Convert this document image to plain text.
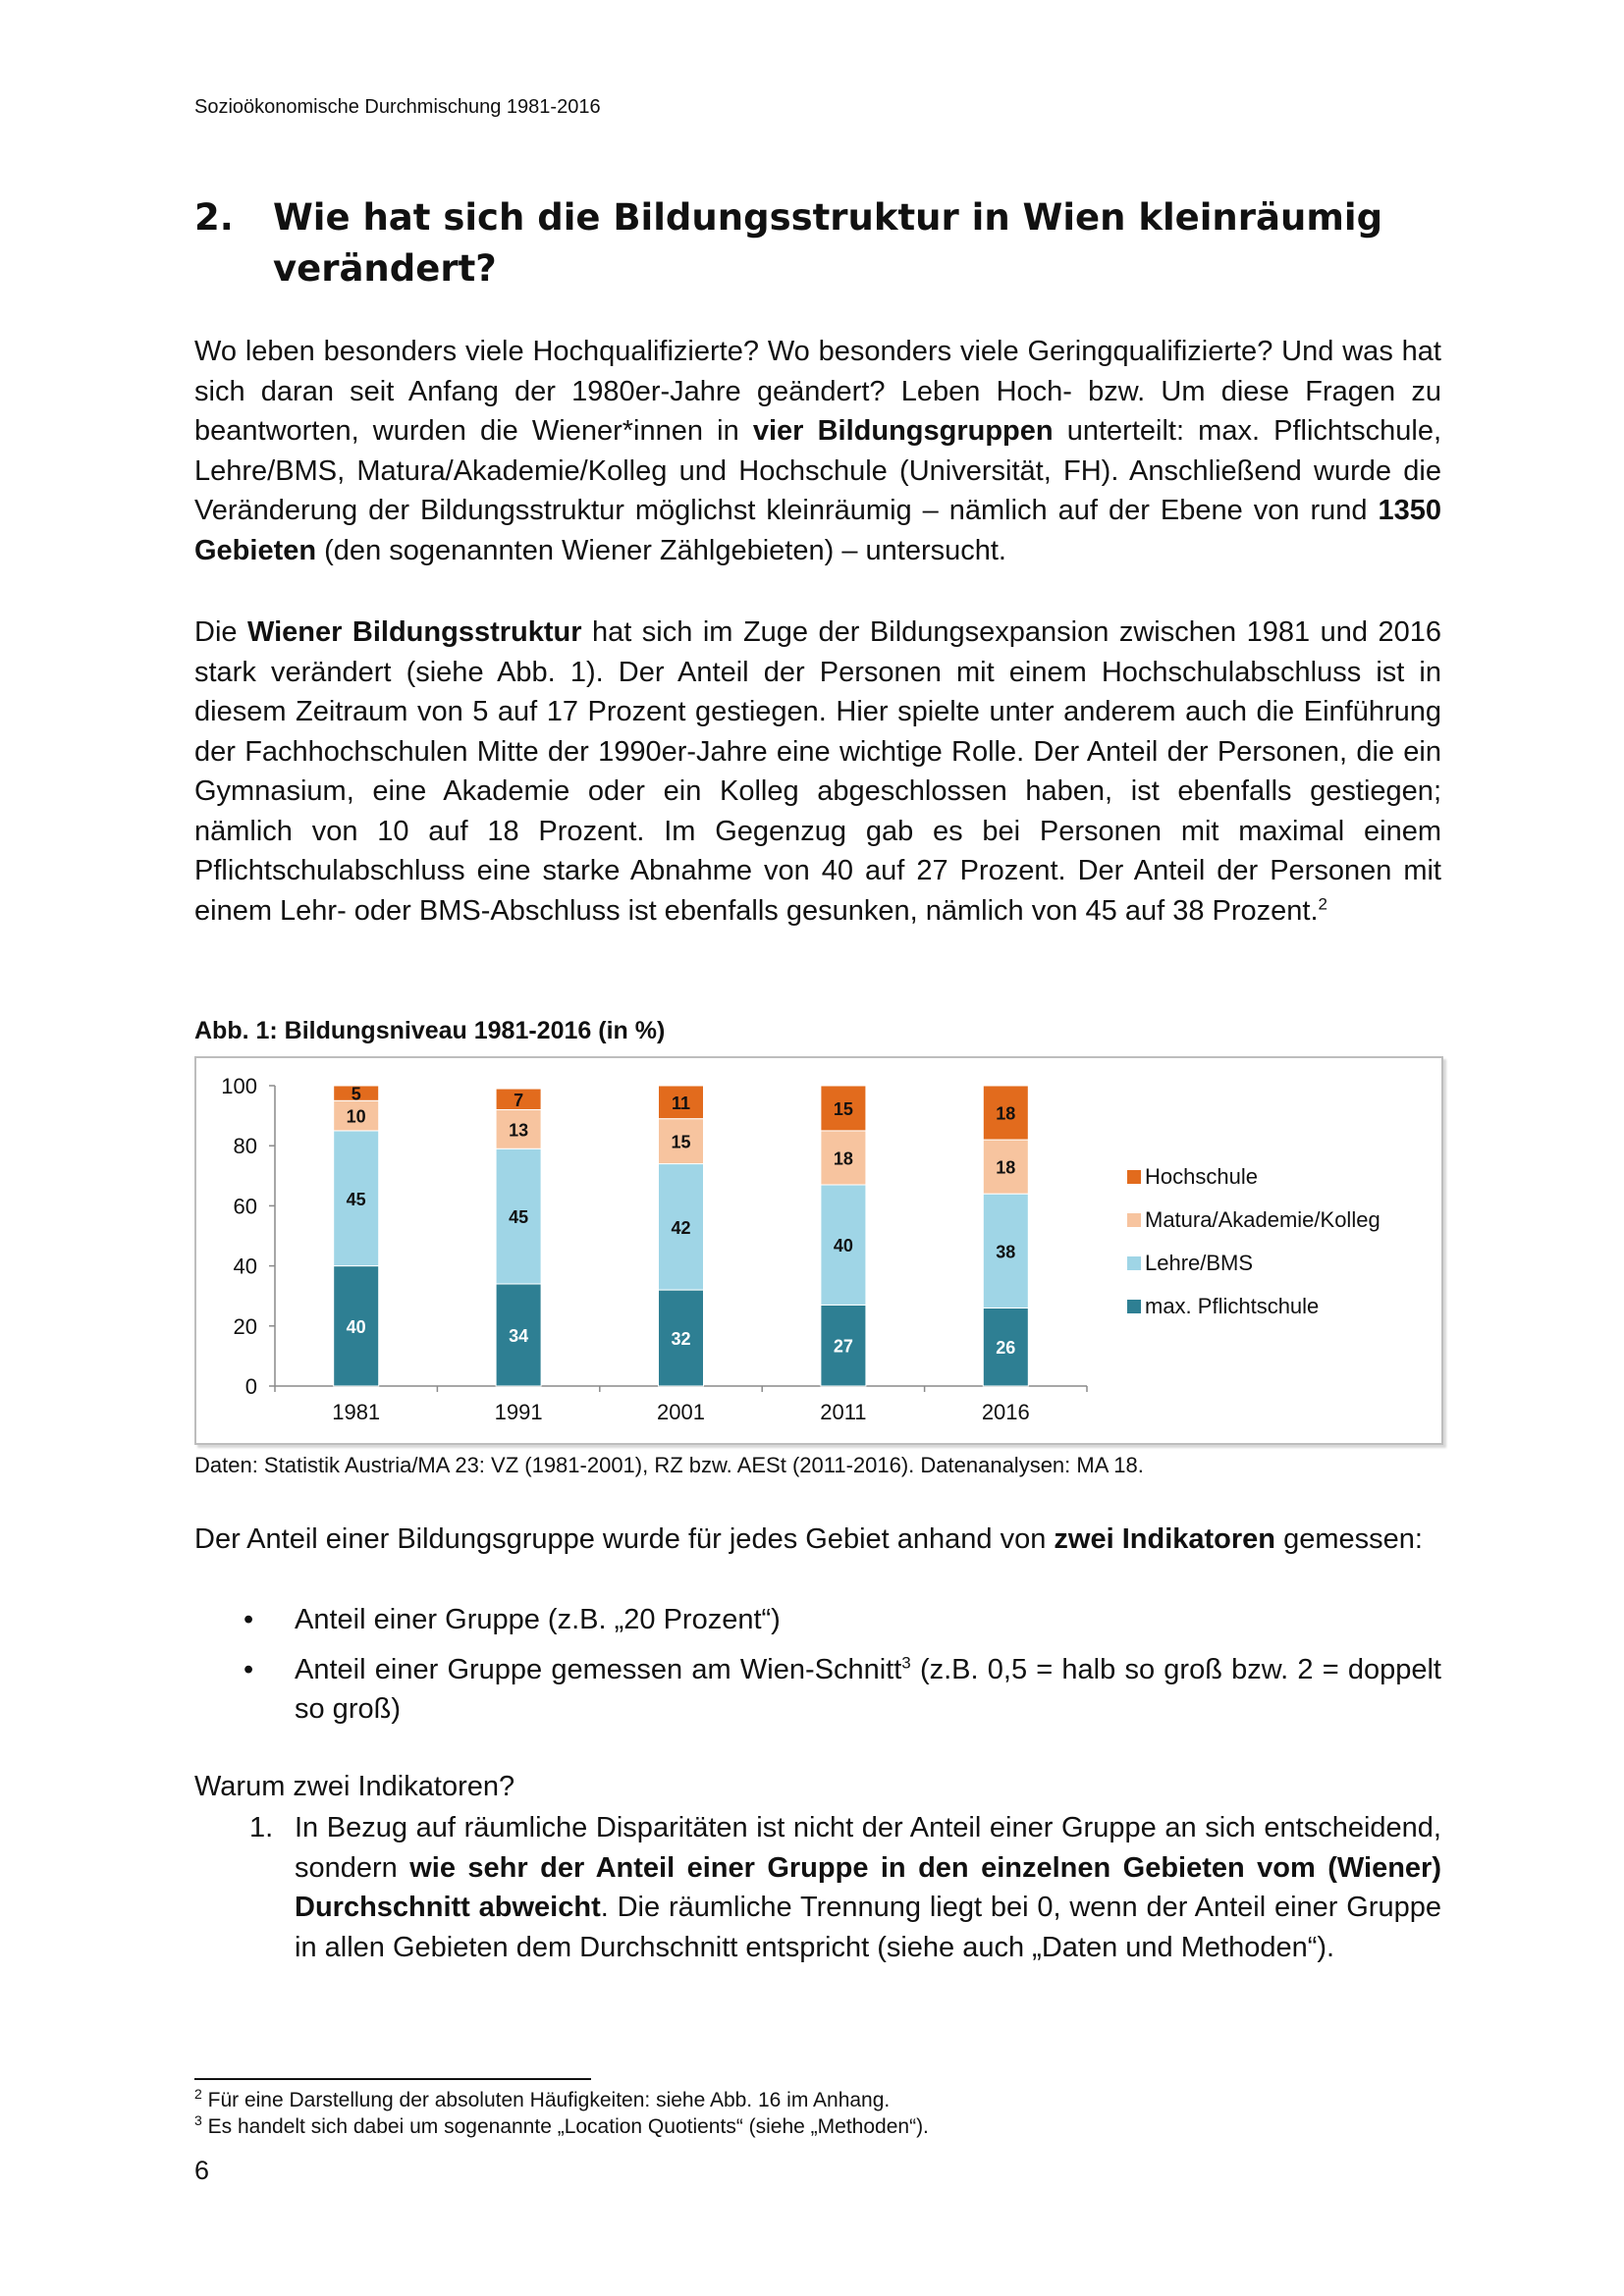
Sozioökonomische Durchmischung 1981-2016
2. Wie hat sich die Bildungsstruktur in Wien kleinräumig verändert?
Wo leben besonders viele Hochqualifizierte? Wo besonders viele Geringqualifizierte? Und was hat sich daran seit Anfang der 1980er-Jahre geändert? Leben Hoch- bzw. Um diese Fragen zu beantworten, wurden die Wiener*innen in vier Bildungsgruppen unterteilt: max. Pflichtschule, Lehre/BMS, Matura/Akademie/Kolleg und Hochschule (Universität, FH). Anschließend wurde die Veränderung der Bildungsstruktur möglichst kleinräumig – nämlich auf der Ebene von rund 1350 Gebieten (den sogenannten Wiener Zählgebieten) – untersucht.
Die Wiener Bildungsstruktur hat sich im Zuge der Bildungsexpansion zwischen 1981 und 2016 stark verändert (siehe Abb. 1). Der Anteil der Personen mit einem Hochschulabschluss ist in diesem Zeitraum von 5 auf 17 Prozent gestiegen. Hier spielte unter anderem auch die Einführung der Fachhochschulen Mitte der 1990er-Jahre eine wichtige Rolle. Der Anteil der Personen, die ein Gymnasium, eine Akademie oder ein Kolleg abgeschlossen haben, ist ebenfalls gestiegen; nämlich von 10 auf 18 Prozent. Im Gegenzug gab es bei Personen mit maximal einem Pflichtschulabschluss eine starke Abnahme von 40 auf 27 Prozent. Der Anteil der Personen mit einem Lehr- oder BMS-Abschluss ist ebenfalls gesunken, nämlich von 45 auf 38 Prozent.$^2$
Abb. 1: Bildungsniveau 1981-2016 (in %)
0
20
40
60
80
100
40
45
10
5
1981
34
45
13
7
1991
32
42
15
11
2001
27
40
18
15
2011
26
38
18
18
2016
Hochschule
Matura/Akademie/Kolleg
Lehre/BMS
max. Pflichtschule
Daten: Statistik Austria/MA 23: VZ (1981-2001), RZ bzw. AESt (2011-2016). Datenanalysen: MA 18.
Der Anteil einer Bildungsgruppe wurde für jedes Gebiet anhand von zwei Indikatoren gemessen:
• Anteil einer Gruppe (z.B. „20 Prozent“)
• Anteil einer Gruppe gemessen am Wien-Schnitt$^3$ (z.B. 0,5 = halb so groß bzw. 2 = doppelt so groß)
Warum zwei Indikatoren?
1. In Bezug auf räumliche Disparitäten ist nicht der Anteil einer Gruppe an sich entscheidend, sondern wie sehr der Anteil einer Gruppe in den einzelnen Gebieten vom (Wiener) Durchschnitt abweicht. Die räumliche Trennung liegt bei 0, wenn der Anteil einer Gruppe in allen Gebieten dem Durchschnitt entspricht (siehe auch „Daten und Methoden“).
$^2$ Für eine Darstellung der absoluten Häufigkeiten: siehe Abb. 16 im Anhang.
$^3$ Es handelt sich dabei um sogenannte „Location Quotients“ (siehe „Methoden“).
6
